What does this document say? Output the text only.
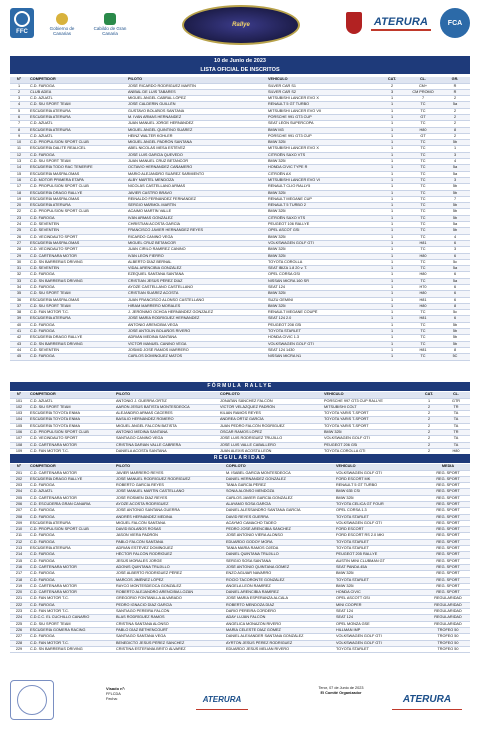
FFC
Gobierno de Canarias
Cabildo de Gran Canaria
Rallye	ATERURA	FCA
10 de Junio de 2023
LISTA OFICIAL DE INSCRITOS
Nº	COMPETIDOR	PILOTO	VEHÍCULO	CAT.	CL.	GR.
1	C.D. FAROGA	JOSÉ RICARDO RODRÍGUEZ MARTÍN	SILVER CAR S1	2	CM+	R
2	CLUB ADEA	ANÍBAL DE LUIS TABARES	SILVER CAR S2	3	CM PROMO	R
3	C.D. AZUATL	MIGUEL ÁNGEL CABRAL LÓPEZ	MITSUBISHI LANCER EVO X	1	7	2
4	C.D. SIU SPORT TEAM	JOSÉ CALDERÍN GUILLÉN	RENAULT 5 GT TURBO	1	TC	5a
5	ESCUDERÍA ATERURA	GUSTAVO BOLAÑOS SANTANA	MITSUBISHI LANCER EVO VII	1	TC	2
6	ESCUDERÍA ATERURA	M. IVÁN ARMAS HERNÁNDEZ	PORSCHE 991 GT3 CUP	1	GT	2
7	C.D. AZUATL	JUAN MANUEL JORGE HERNÁNDEZ	SEAT LEÓN SUPERCOPA	1	TC	2
8	ESCUDERÍA ATERURA	MIGUEL ÁNGEL QUINTINO SUÁREZ	BMW M3	1	H80	8
9	C.D. AZUATL	HEINZ WALTER KOHLER	PORSCHE 991 GT3 CUP	1	GT	2
10	C.D. PROPULSIÓN SPORT CLUB	MIGUEL ÁNGEL PADRÓN SANTANA	BMW 325i	1	TC	5b
11	ESCUDERÍA DALITE REALICEL	ABEL NICOLÁS MESA ESTÉVEZ	MITSUBISHI LANCER EVO X	1	TC	1
12	C.D. FAROGA	JOSÉ LUIS GARCÍA QUEVEDO	CITROËN SAXO VTS	1	TC	3
13	C.D. SIU SPORT TEAM	JUAN MANUEL CRUZ BETANCOR	BMW 325i	1	TC	4
14	ESCUDERÍA TODO RAC TENERIFE	OCTAVIO HERNÁNDEZ CAÑAMERO	HONDA CIVIC TYPE R	1	TC	5a
15	ESCUDERÍA MASPALOMAS	MARIO ALEJANDRO SUÁREZ SARMIENTO	CITROËN AX	1	TC	5a
16	C.D. MOTOR PRIMERA ETAPA	ALBY MARTEL MENDOZA	MITSUBISHI LANCER EVO VI	1	TC	3
17	C.D. PROPULSIÓN SPORT CLUB	NICOLÁS CASTELLANO ARMAS	RENAULT CLIO RALLY5	1	TC	5b
18	ESCUDERÍA DRAGO RALLYE	JAVIER CASTRO BRAVO	BMW 325i	1	TC	5b
19	ESCUDERÍA MASPALOMAS	REINALDO FERNÁNDEZ FERNÁNDEZ	RENAULT MEGANE CUP	1	TC	7
20	ESCUDERÍA ATERURA	SERGIO MÁRMOL MARTÍN	RENAULT 5 TURBO 2	1	TC	5b
22	C.D. PROPULSIÓN SPORT CLUB	ACAIMO MARTÍN VALLE	BMW 325i	1	TC	5b
23	C.D. FAROGA	IVÁN ARMAS GONZÁLEZ	CITROËN SAXO VTS	1	TC	5b
24	C.D. SEVENTEN	CHRISTIAN ACOSTA GARCÍA	PEUGEOT 106 RALLYE	1	TC	5a
25	C.D. SEVENTEN	FRANCISCO JAVIER HERNÁNDEZ REYES	OPEL ASCOT GSI	1	TC	5b
26	C.D. VECINDAUTO SPORT	RICARDO CANINO VEGA	BMW 325i	1	TC	4
27	ESCUDERÍA MASPALOMAS	MIGUEL CRUZ BETANCOR	VOLKSWAGEN GOLF GTI	1	H81	6
28	C.D. VECINDAUTO SPORT	JUAN CIRILO RAMÍREZ CANINO	BMW 325i	1	TC	3
29	C.D. CARTENARA MOTOR	IVÁN LEÓN FIERRO	BMW 325i	1	H80	6
30	C.D. SN BARRERAS DRIVING	ALBERTO DÍAZ BERNAL	TOYOTA COROLLA	1	TC	5c
31	C.D. SEVENTEN	VIDAL ARENCIBIA GONZÁLEZ	SEAT IBIZA 1.8 20 v. T.	1	TC	5a
32	C.D. FAROGA	EZEQUIEL SANTANA SANTANA	OPEL CORSA GSI	1	H80	6
33	C.D. SN BARRERAS DRIVING	CRISTIAN JESÚS PÉREZ DÍAZ	NISSAN MICRA 160 SR	1	TC	5a
34	C.D. FAROGA	AYOZE CASTELLANO CASTELLANO	SEAT 124	1	H70	6
35	C.D. SIU SPORT TEAM	CRISTIAN SUÁREZ ACOSTA	BMW 325i	1	H80	6
36	ESCUDERÍA MASPALOMAS	JUAN FRANCISCO ALONSO CASTELLANO	SUZU GEMINI	1	H81	6
37	C.D. SIU SPORT TEAM	HIRAM MARRERO MORALES	BMW 325i	1	H80	8
38	C.D. FAN MOTOR T.C.	J. JERÓNIMO OCHOA HERNÁNDEZ GONZÁLEZ	RENAULT MEGANE COUPÉ	1	TC	5c
39	ESCUDERÍA ATERURA	JOSÉ MARÍA RODRÍGUEZ HERNÁNDEZ	SEAT 124 2.0	1	H81	6
40	C.D. FAROGA	ANTONIO ARENCIBIA VEGA	PEUGEOT 208 GSi	1	TC	5b
41	C.D. FAROGA	JOSÉ ANTOLÍN BOLAÑOS RIVERO	TOYOTA STARLET	1	TC	5b
42	ESCUDERÍA DRAGO RALLYE	ADRIÁN MEDINA SANTANA	HONDA CIVIC 1.3	1	TC	5b
43	C.D. SN BARRERAS DRIVING	VÍCTOR MANUEL CANINO VEGA	VOLKSWAGEN GOLF GTI	1	TC	5b
44	C.D. SEVENTEN	JOSMID JOSÉ RAMOS MARRERO	SEAT 124 1430	1	H81	8
45	C.D. FAROGA	CARLOS DOMÍNGUEZ MATOS	NISSAN MICRA N1	1	TC	5C
FÓRMULA RALLYE
Nº	COMPETIDOR	PILOTO	COPILOTO	VEHÍCULO	CAT.	CL.
101	C.D. AZUATL	ANTONIO J. GUERRA ORTIZ	JONATAN SÁNCHEZ FALCÓN	PORSCHE 997 GT3 CUP RALLYE	1	GTR
102	C.D. SIU SPORT TEAM	AARÓN JESÚS BATISTA MONTESDEOCA	VÍCTOR VELÁZQUEZ PADRÓN	MITSUBISHI COLT	2	TR
103	ESCUDERÍA TOYOTA ENMA	ALEJANDRO ARMAS CÁCERES	KILIAN RAMOS REYES	TOYOTA YARIS T-SPORT	2	TA
104	ESCUDERÍA TOYOTA ENMA	BASILIO HERNÁNDEZ ROMERO	ANDREA ORTIZ GARCÍA	TOYOTA YARIS T-SPORT	2	TA
105	ESCUDERÍA TOYOTA ENMA	MIGUEL ÁNGEL FALCÓN BATISTA	JUAN PEDRO FALCÓN RODRÍGUEZ	TOYOTA YARIS T-SPORT	2	TA
106	C.D. PROPULSIÓN SPORT CLUB	ANTONIO MEDINA SANTANA	ÓSCAR RAMOS LÓPEZ	BMW 325i	2	TR
107	C.D. VECINDAUTO SPORT	SANTIAGO CANINO VEGA	JOSÉ LUIS RODRÍGUEZ TRUJILLO	VOLKSWAGEN GOLF GTI	2	TA
108	C.D. CARTENARA MOTOR	CRISTINA DARIAN VALLE CABRERA	JOSÉ LUIS VALLE CABALLERO	PEUGEOT 206 GSi	2	TA
109	C.D. FAN MOTOR T.C.	DANIELA ACOSTA SANTANA	JUAN ALEXIS ACOSTA LEÓN	TOYOTA COROLLA GTI	2	H80
REGULARIDAD
Nº	COMPETIDOR	PILOTO	COPILOTO	VEHÍCULO	MEDIA
201	C.D. CARTENARA MOTOR	JAVIER MARRERO REYES	M. ISABEL GARCÍA MONTESDEOCA	VOLKSWAGEN GOLF GTI	REG. SPORT
202	ESCUDERÍA DRAGO RALLYE	JOSÉ MANUEL RODRÍGUEZ RODRÍGUEZ	DANIEL HERNÁNDEZ GONZÁLEZ	FORD ESCORT MK	REG. SPORT
203	C.D. FAROGA	ROBERTO GARCÍA REYES	TANIA GARCÍA PÉREZ	RENAULT 5 GT TURBO	REG. SPORT
204	C.D. AZUATL	JOSÉ MANUEL MARTÍN CASTELLANO	SONIA ALONSO MENDOZA	BMW 635 CSi	REG. SPORT
205	C.D. CARTENARA MOTOR	JOSÉ ROSMEN DÍAZ REYES	CARLOS JAVIER GARCÍA GONZÁLEZ	BMW 325i	REG. SPORT
206	C.D. ESCUDERÍA GRAN CANARIA	AYOZE ACOSTA RODRÍGUEZ	ALAYAMO SOSA GARCÍA	TOYOTA CELICA GT FOUR	REG. SPORT
207	C.D. FAROGA	JOSÉ ANTONIO SANTANA GUERRA	DANIEL ALESSANDRO SANTANA GARCÍA	OPEL CORSA 1.3	REG. SPORT
208	C.D. FAROGA	ANDRÉS HERNÁNDEZ MEDINA	DAVID REYES GUERRA	TOYOTA STARLET	REG. SPORT
209	ESCUDERÍA ATERURA	MIGUEL FALCÓN SANTANA	ACAYMO CAMACHO TADEO	VOLKSWAGEN GOLF GTI	REG. SPORT
210	C.D. PROPULSIÓN SPORT CLUB	DAVID BOLAÑOS ROSAS	PEDRO JOSÉ ARENCIBIA SÁNCHEZ	FORD ESCORT	REG. SPORT
211	C.D. FAROGA	JASON VIERA PADRÓN	JOSÉ ANTONIO VIERA ALONSO	FORD ESCORT RS 2.0 MKI	REG. SPORT
212	C.D. FAROGA	PABLO FALCÓN SANTANA	EDUARDO GODOY MORA	TOYOTA STARLET	REG. SPORT
213	ESCUDERÍA ATERURA	ADRIÁN ESTÉVEZ DOMÍNGUEZ	TANIA MARÍA RAMOS OJEDA	TOYOTA STARLET	REG. SPORT
214	C.D. FAROGA	HÉCTOR FALCÓN RODRÍGUEZ	DANIEL QUINTANA TRUJILLO	PEUGEOT 205 RALLYE	REG. SPORT
215	C.D. FAROGA	JESÚS MORALES JORGE	SERGIO SOSA SANTANA	AUSTIN MINI CLUBMAN GT	REG. SPORT
216	C.D. CARTENARA MOTOR	ADONIS QUINTANA TRUJILLO	JOSÉ ANTONIO QUINTANA GÓMEZ	SEAT PANDA 45A	REG. SPORT
217	C.D. FAROGA	JOSÉ ALBERTO RODRÍGUEZ PÉREZ	ENZO AGUIAR NAVARRO	BMW 325i	REG. SPORT
218	C.D. FAROGA	MARCOS JIMÉNEZ LÓPEZ	ROCÍO TACORONTE GONZÁLEZ	TOYOTA STARLET	REG. SPORT
219	C.D. CARTENARA MOTOR	RAYCO MONTESDEOCA GONZÁLEZ	ÁNGELA LEÓN RAMÍREZ	BMW 325i	REG. SPORT
220	C.D. CARTENARA MOTOR	ROBERTO ALEJANDRO ARENCIBIA LOZÁN	DANIEL ARENCIBIA RAMÍREZ	HONDA CIVIC	REG. SPORT
221	C.D. FAN MOTOR T.C.	GREGORIO FONTANILLA ALVARADO	JOSÉ MARÍA ESPERANZA ALCALA	OPEL ASCOTT GSI	REGULARIDAD
222	C.D. FAROGA	PEDRO IGNACIO DÍAZ GARCÍA	ROBERTO MENDOZA DÍAZ	MINI COOPER	REGULARIDAD
223	C.D. FAN MOTOR T.C.	SANTIAGO PEREIRA FALCÓN	DARIO PEREIRA CORDERO	SEAT 124	REGULARIDAD
224	C.D.C.C. EL CUCHILLO CANARIO	BLAS RODRÍGUEZ RAMOS	ADAY LUJÁN FALCÓN	SEAT 124	REGULARIDAD
225	C.D. SIU SPORT TEAM	CRISTINA SANTANA ALONSO	ANGÉLICA MONAZÓN RIVERO	OPEL MONZA GSE	REGULARIDAD
226	ESCUDERÍA GOMERA RACING	PABLO DÍAZ BETHENCOURT	MARÍA CELESTE DÍAZ GÓMEZ	HILLMAN IMP	TROFEO 50
227	C.D. FAROGA	SANTIAGO SANTANA VEGA	DANIEL ALEXANDER SANTANA GONZÁLEZ	VOLKSWAGEN GOLF GTI	TROFEO 50
228	C.D. FAN MOTOR T.C.	BENEDICTO JESÚS PÉREZ SÁNCHEZ	AYRTON JESÚS PÉREZ RODRÍGUEZ	VOLKSWAGEN GOLF GTI	TROFEO 50
229	C.D. SN BARRERAS DRIVING	CRISTINA ESTEFANÍA BRITO ÁLVAREZ	EDUARDO JESÚS MELIÁN RIVERO	TOYOTA STARLET	TROFEO 50
Visado nº:
FFLCDA
Fecha:	ATERURA
Teror, 07 de Junio de 2023
El Comité Organizador
ATERURA
